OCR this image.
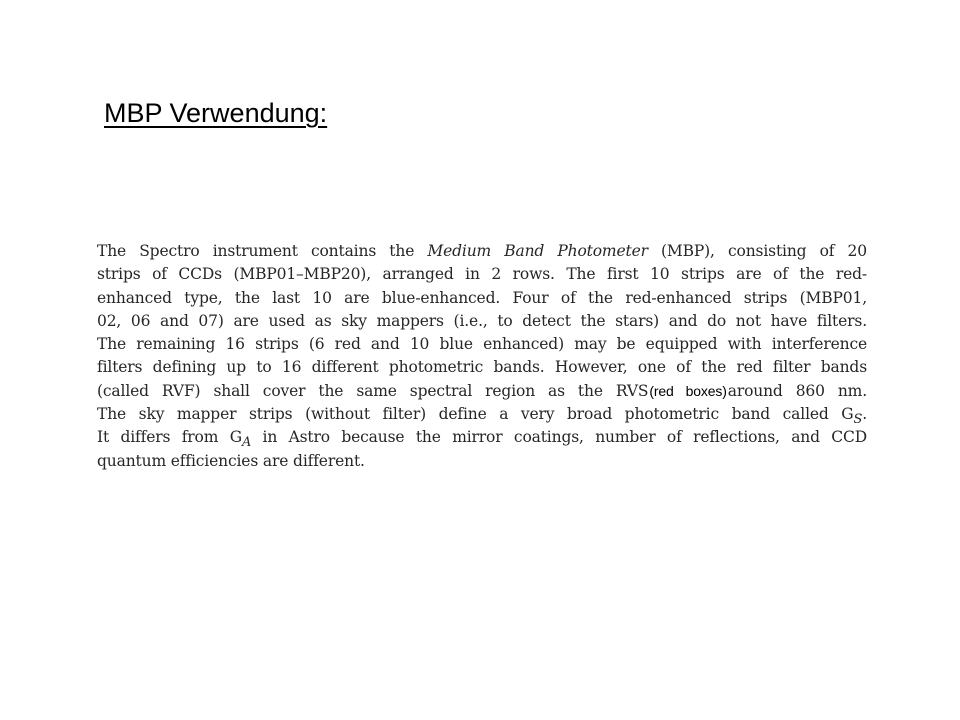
MBP Verwendung:
The Spectro instrument contains the Medium Band Photometer (MBP), consisting of 20
strips of CCDs (MBP01–MBP20), arranged in 2 rows. The first 10 strips are of the red-
enhanced type, the last 10 are blue-enhanced. Four of the red-enhanced strips (MBP01,
02, 06 and 07) are used as sky mappers (i.e., to detect the stars) and do not have filters.
The remaining 16 strips (6 red and 10 blue enhanced) may be equipped with interference
filters defining up to 16 different photometric bands. However, one of the red filter bands
(called RVF) shall cover the same spectral region as the RVS(red boxes)around 860 nm.
The sky mapper strips (without filter) define a very broad photometric band called $G_S$.
It differs from $G_A$ in Astro because the mirror coatings, number of reflections, and CCD
quantum efficiencies are different.
